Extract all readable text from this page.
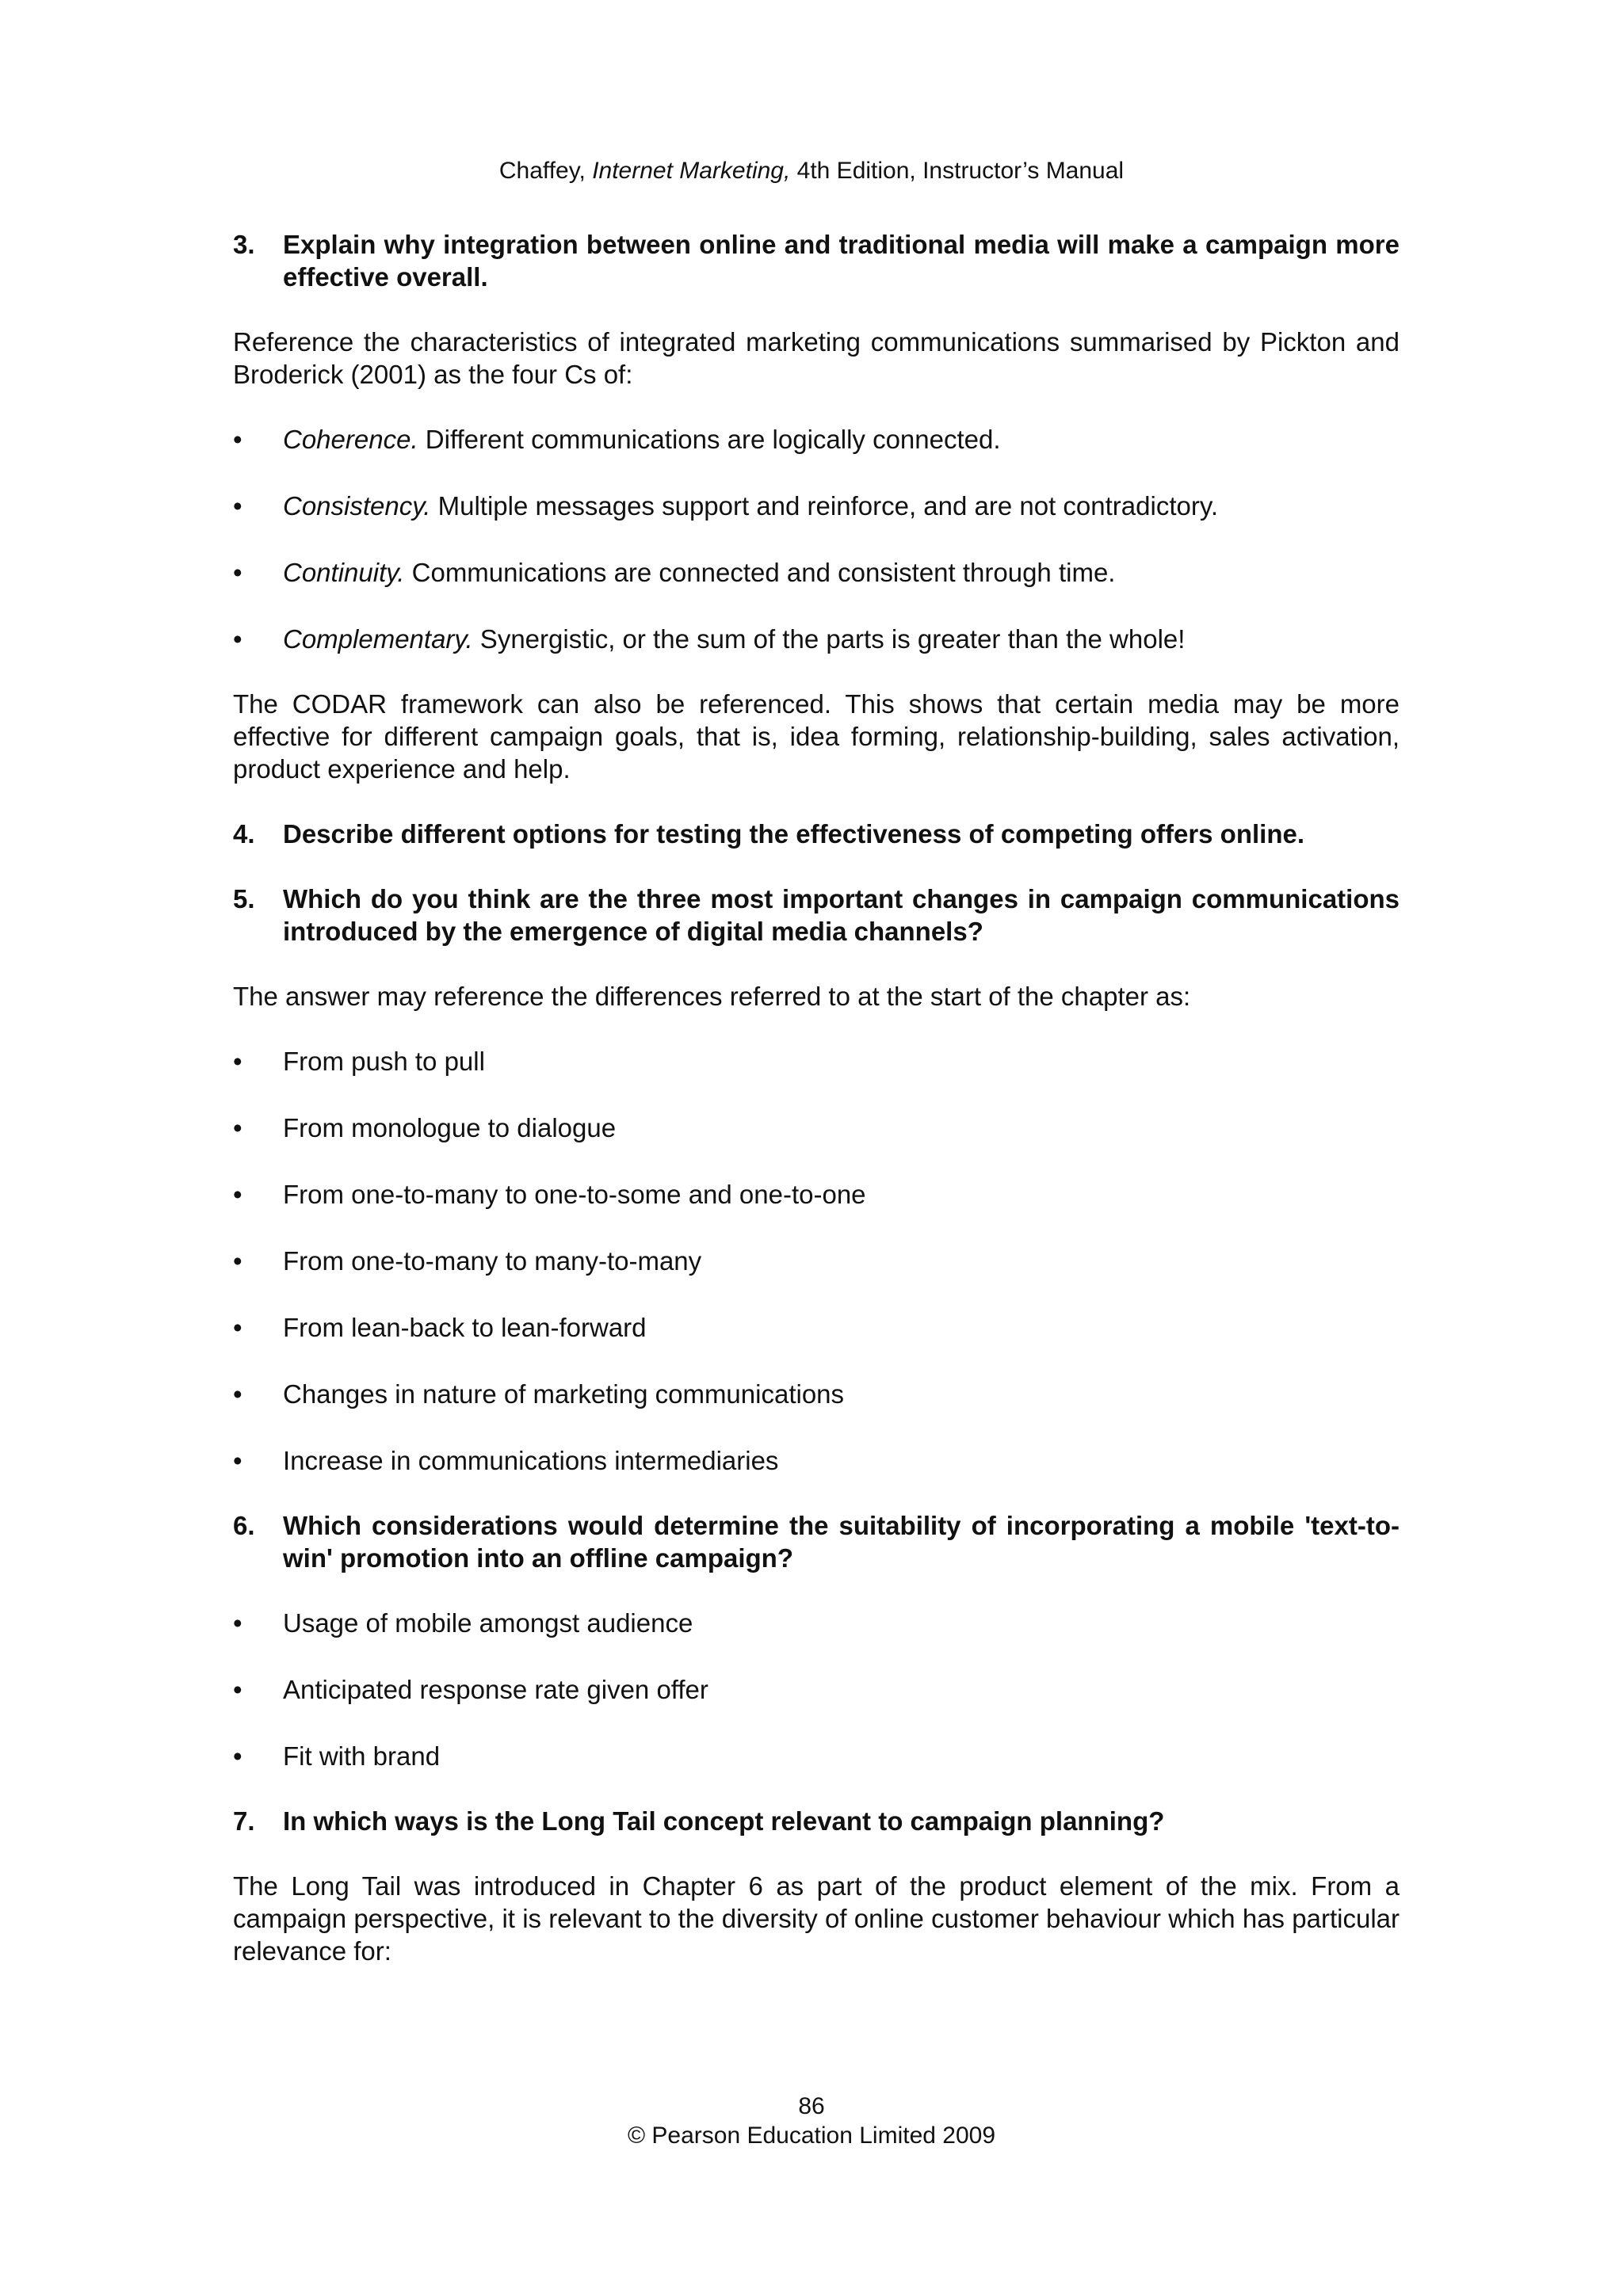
Chaffey, Internet Marketing, 4th Edition, Instructor’s Manual
3.	Explain why integration between online and traditional media will make a campaign more effective overall.

Reference the characteristics of integrated marketing communications summarised by Pickton and Broderick (2001) as the four Cs of:

•	Coherence. Different communications are logically connected.
•	Consistency. Multiple messages support and reinforce, and are not contradictory.
•	Continuity. Communications are connected and consistent through time.
•	Complementary. Synergistic, or the sum of the parts is greater than the whole!

The CODAR framework can also be referenced. This shows that certain media may be more effective for different campaign goals, that is, idea forming, relationship-building, sales activation, product experience and help.

4.	Describe different options for testing the effectiveness of competing offers online.
5.	Which do you think are the three most important changes in campaign communications introduced by the emergence of digital media channels?

The answer may reference the differences referred to at the start of the chapter as:

•	From push to pull
•	From monologue to dialogue
•	From one-to-many to one-to-some and one-to-one
•	From one-to-many to many-to-many
•	From lean-back to lean-forward
•	Changes in nature of marketing communications
•	Increase in communications intermediaries
6.	Which considerations would determine the suitability of incorporating a mobile 'text-to-win' promotion into an offline campaign?
•	Usage of mobile amongst audience
•	Anticipated response rate given offer
•	Fit with brand
7.	In which ways is the Long Tail concept relevant to campaign planning?

The Long Tail was introduced in Chapter 6 as part of the product element of the mix. From a campaign perspective, it is relevant to the diversity of online customer behaviour which has particular relevance for:

86
© Pearson Education Limited 2009
